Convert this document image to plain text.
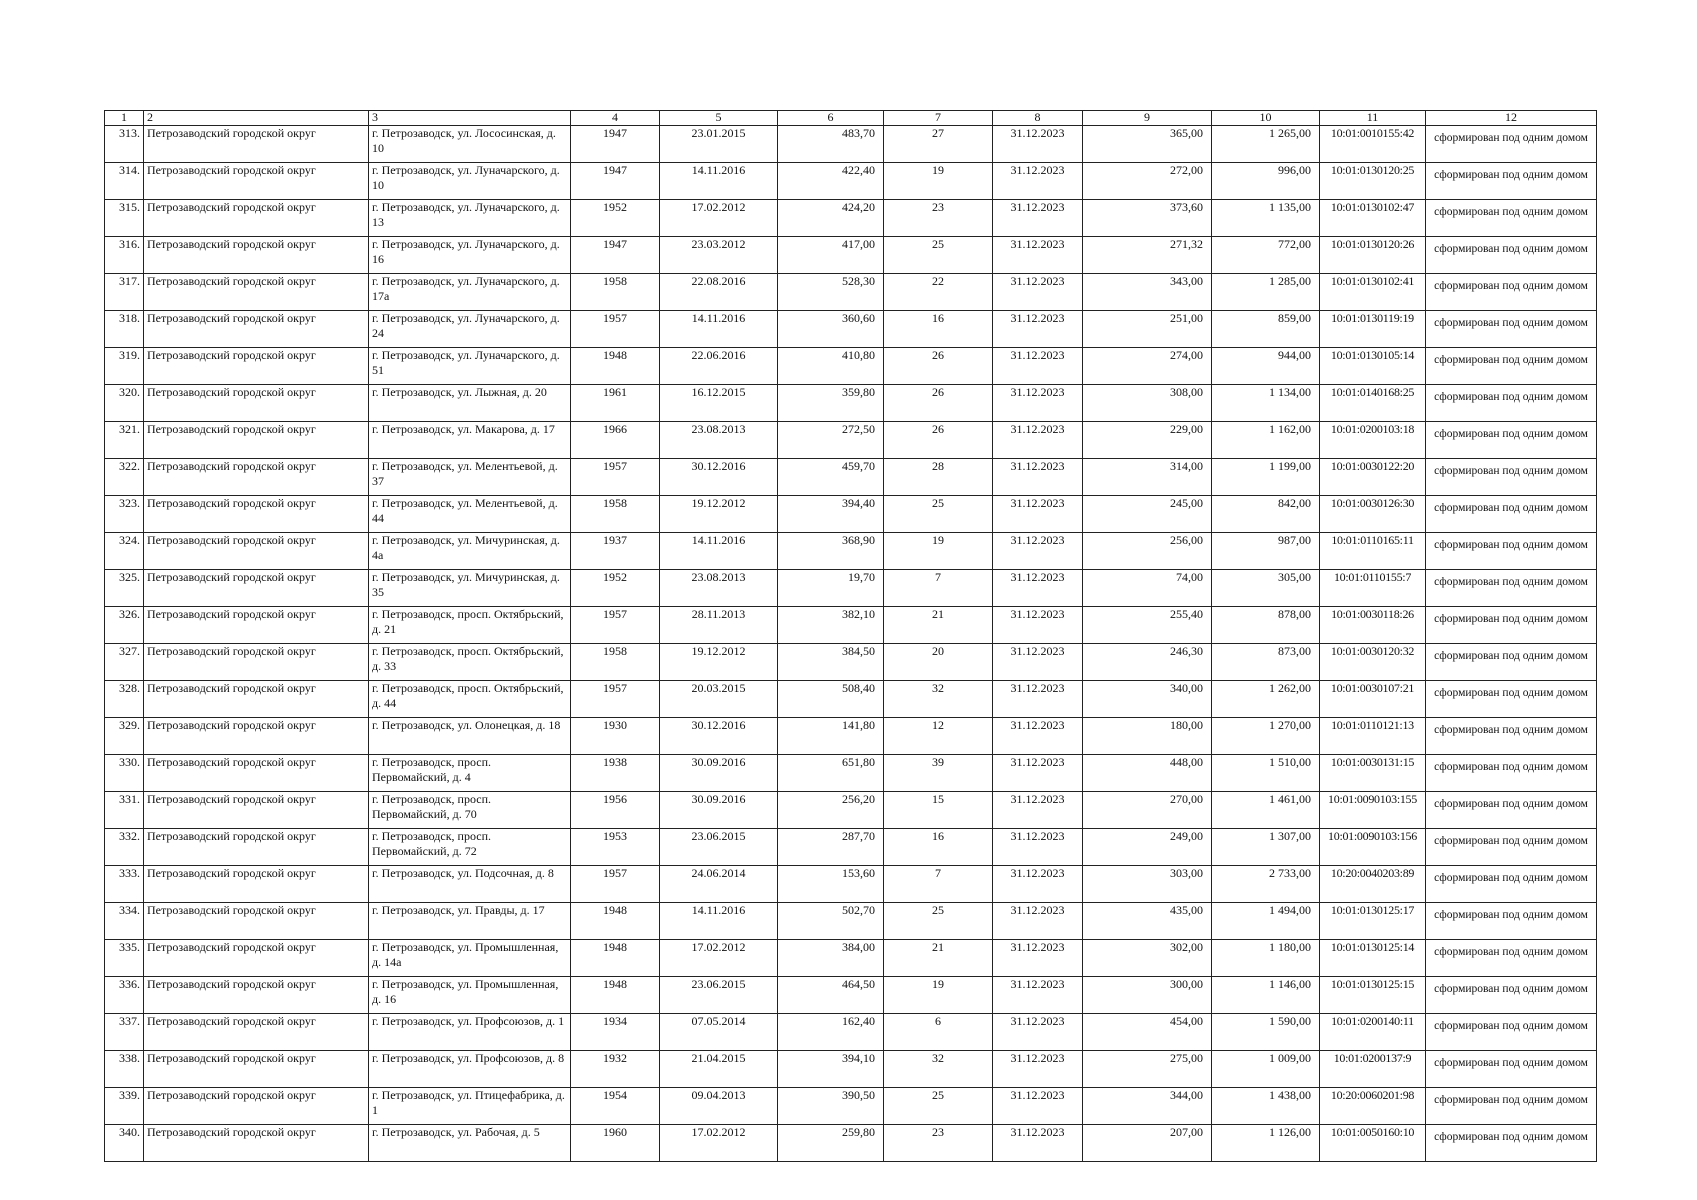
1	2	3	4	5	6	7	8	9	10	11	12
313.	Петрозаводский городской округ	г. Петрозаводск, ул. Лососинская, д. 10	1947	23.01.2015	483,70	27	31.12.2023	365,00	1 265,00	10:01:0010155:42	сформирован под одним домом
314.	Петрозаводский городской округ	г. Петрозаводск, ул. Луначарского, д. 10	1947	14.11.2016	422,40	19	31.12.2023	272,00	996,00	10:01:0130120:25	сформирован под одним домом
315.	Петрозаводский городской округ	г. Петрозаводск, ул. Луначарского, д. 13	1952	17.02.2012	424,20	23	31.12.2023	373,60	1 135,00	10:01:0130102:47	сформирован под одним домом
316.	Петрозаводский городской округ	г. Петрозаводск, ул. Луначарского, д. 16	1947	23.03.2012	417,00	25	31.12.2023	271,32	772,00	10:01:0130120:26	сформирован под одним домом
317.	Петрозаводский городской округ	г. Петрозаводск, ул. Луначарского, д. 17а	1958	22.08.2016	528,30	22	31.12.2023	343,00	1 285,00	10:01:0130102:41	сформирован под одним домом
318.	Петрозаводский городской округ	г. Петрозаводск, ул. Луначарского, д. 24	1957	14.11.2016	360,60	16	31.12.2023	251,00	859,00	10:01:0130119:19	сформирован под одним домом
319.	Петрозаводский городской округ	г. Петрозаводск, ул. Луначарского, д. 51	1948	22.06.2016	410,80	26	31.12.2023	274,00	944,00	10:01:0130105:14	сформирован под одним домом
320.	Петрозаводский городской округ	г. Петрозаводск, ул. Лыжная, д. 20	1961	16.12.2015	359,80	26	31.12.2023	308,00	1 134,00	10:01:0140168:25	сформирован под одним домом
321.	Петрозаводский городской округ	г. Петрозаводск, ул. Макарова, д. 17	1966	23.08.2013	272,50	26	31.12.2023	229,00	1 162,00	10:01:0200103:18	сформирован под одним домом
322.	Петрозаводский городской округ	г. Петрозаводск, ул. Мелентьевой, д. 37	1957	30.12.2016	459,70	28	31.12.2023	314,00	1 199,00	10:01:0030122:20	сформирован под одним домом
323.	Петрозаводский городской округ	г. Петрозаводск, ул. Мелентьевой, д. 44	1958	19.12.2012	394,40	25	31.12.2023	245,00	842,00	10:01:0030126:30	сформирован под одним домом
324.	Петрозаводский городской округ	г. Петрозаводск, ул. Мичуринская, д. 4а	1937	14.11.2016	368,90	19	31.12.2023	256,00	987,00	10:01:0110165:11	сформирован под одним домом
325.	Петрозаводский городской округ	г. Петрозаводск, ул. Мичуринская, д. 35	1952	23.08.2013	19,70	7	31.12.2023	74,00	305,00	10:01:0110155:7	сформирован под одним домом
326.	Петрозаводский городской округ	г. Петрозаводск, просп. Октябрьский, д. 21	1957	28.11.2013	382,10	21	31.12.2023	255,40	878,00	10:01:0030118:26	сформирован под одним домом
327.	Петрозаводский городской округ	г. Петрозаводск, просп. Октябрьский, д. 33	1958	19.12.2012	384,50	20	31.12.2023	246,30	873,00	10:01:0030120:32	сформирован под одним домом
328.	Петрозаводский городской округ	г. Петрозаводск, просп. Октябрьский, д. 44	1957	20.03.2015	508,40	32	31.12.2023	340,00	1 262,00	10:01:0030107:21	сформирован под одним домом
329.	Петрозаводский городской округ	г. Петрозаводск, ул. Олонецкая, д. 18	1930	30.12.2016	141,80	12	31.12.2023	180,00	1 270,00	10:01:0110121:13	сформирован под одним домом
330.	Петрозаводский городской округ	г. Петрозаводск, просп. Первомайский, д. 4	1938	30.09.2016	651,80	39	31.12.2023	448,00	1 510,00	10:01:0030131:15	сформирован под одним домом
331.	Петрозаводский городской округ	г. Петрозаводск, просп. Первомайский, д. 70	1956	30.09.2016	256,20	15	31.12.2023	270,00	1 461,00	10:01:0090103:155	сформирован под одним домом
332.	Петрозаводский городской округ	г. Петрозаводск, просп. Первомайский, д. 72	1953	23.06.2015	287,70	16	31.12.2023	249,00	1 307,00	10:01:0090103:156	сформирован под одним домом
333.	Петрозаводский городской округ	г. Петрозаводск, ул. Подсочная, д. 8	1957	24.06.2014	153,60	7	31.12.2023	303,00	2 733,00	10:20:0040203:89	сформирован под одним домом
334.	Петрозаводский городской округ	г. Петрозаводск, ул. Правды, д. 17	1948	14.11.2016	502,70	25	31.12.2023	435,00	1 494,00	10:01:0130125:17	сформирован под одним домом
335.	Петрозаводский городской округ	г. Петрозаводск, ул. Промышленная, д. 14а	1948	17.02.2012	384,00	21	31.12.2023	302,00	1 180,00	10:01:0130125:14	сформирован под одним домом
336.	Петрозаводский городской округ	г. Петрозаводск, ул. Промышленная, д. 16	1948	23.06.2015	464,50	19	31.12.2023	300,00	1 146,00	10:01:0130125:15	сформирован под одним домом
337.	Петрозаводский городской округ	г. Петрозаводск, ул. Профсоюзов, д. 1	1934	07.05.2014	162,40	6	31.12.2023	454,00	1 590,00	10:01:0200140:11	сформирован под одним домом
338.	Петрозаводский городской округ	г. Петрозаводск, ул. Профсоюзов, д. 8	1932	21.04.2015	394,10	32	31.12.2023	275,00	1 009,00	10:01:0200137:9	сформирован под одним домом
339.	Петрозаводский городской округ	г. Петрозаводск, ул. Птицефабрика, д. 1	1954	09.04.2013	390,50	25	31.12.2023	344,00	1 438,00	10:20:0060201:98	сформирован под одним домом
340.	Петрозаводский городской округ	г. Петрозаводск, ул. Рабочая, д. 5	1960	17.02.2012	259,80	23	31.12.2023	207,00	1 126,00	10:01:0050160:10	сформирован под одним домом
